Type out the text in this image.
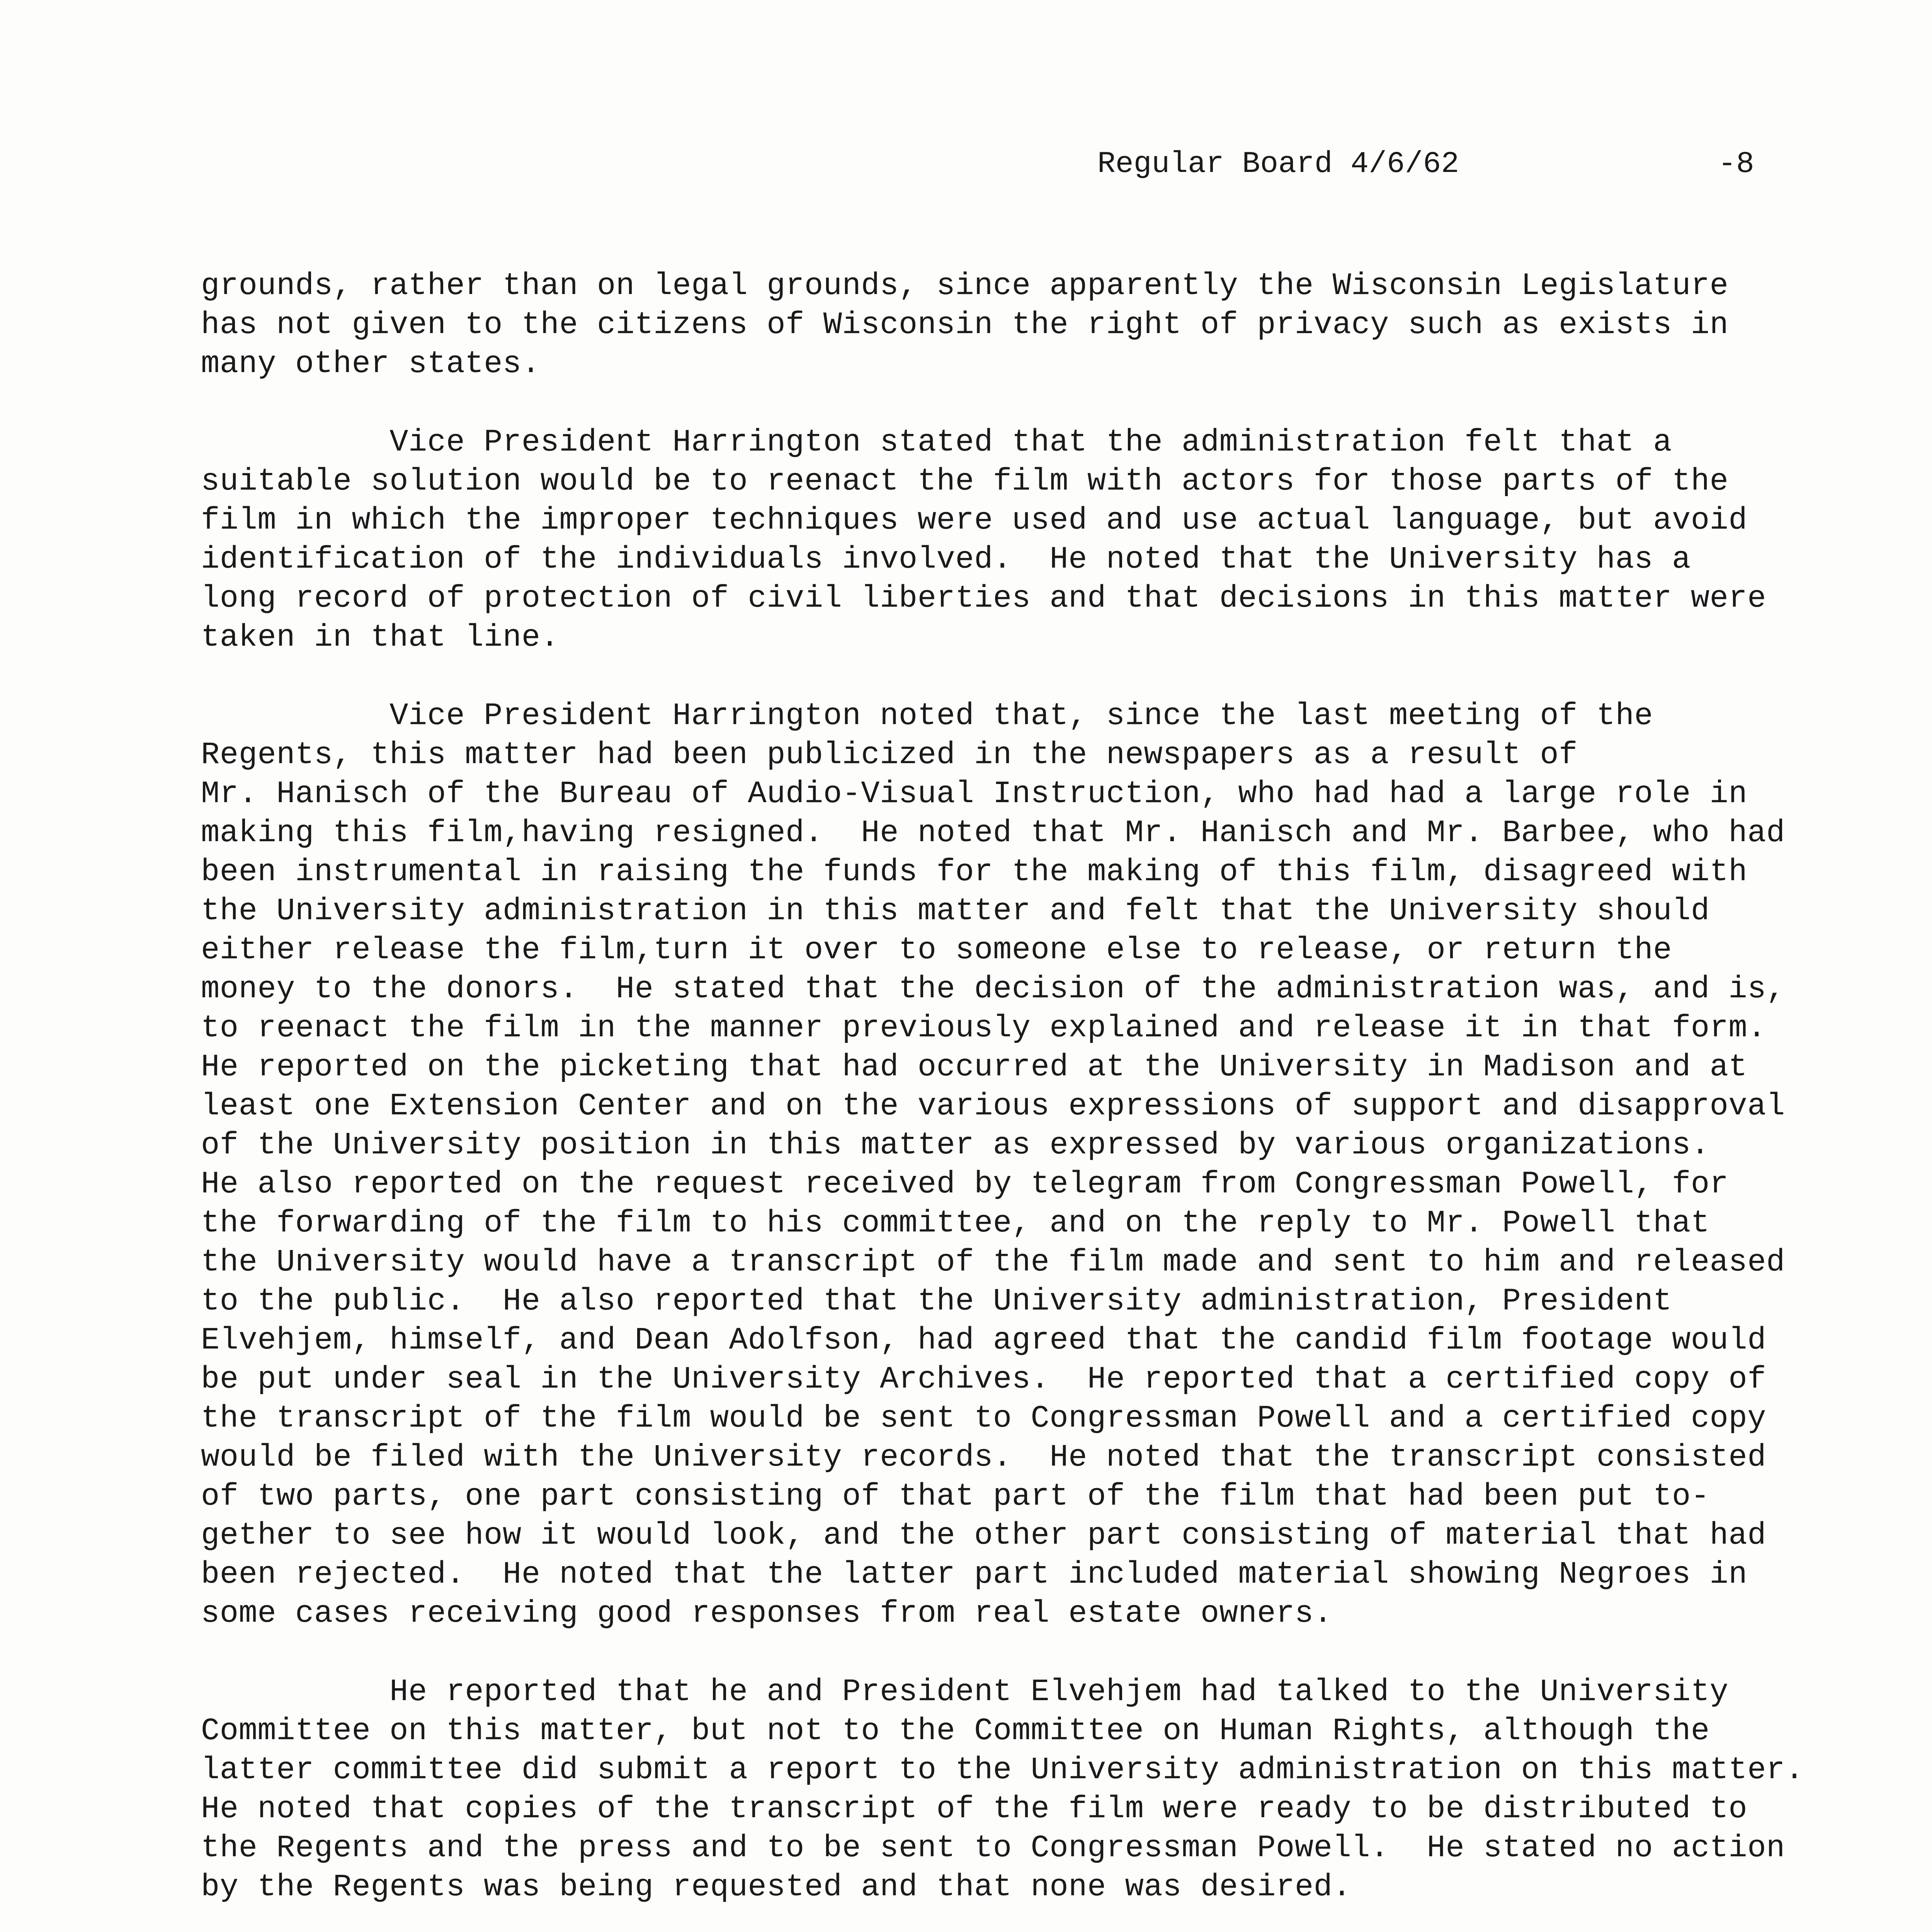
Regular Board 4/6/62	-8
grounds, rather than on legal grounds, since apparently the Wisconsin Legislature
has not given to the citizens of Wisconsin the right of privacy such as exists in
many other states.
Vice President Harrington stated that the administration felt that a
suitable solution would be to reenact the film with actors for those parts of the
film in which the improper techniques were used and use actual language, but avoid
identification of the individuals involved.  He noted that the University has a
long record of protection of civil liberties and that decisions in this matter were
taken in that line.
Vice President Harrington noted that, since the last meeting of the
Regents, this matter had been publicized in the newspapers as a result of
Mr. Hanisch of the Bureau of Audio-Visual Instruction, who had had a large role in
making this film,having resigned.  He noted that Mr. Hanisch and Mr. Barbee, who had
been instrumental in raising the funds for the making of this film, disagreed with
the University administration in this matter and felt that the University should
either release the film,turn it over to someone else to release, or return the
money to the donors.  He stated that the decision of the administration was, and is,
to reenact the film in the manner previously explained and release it in that form.
He reported on the picketing that had occurred at the University in Madison and at
least one Extension Center and on the various expressions of support and disapproval
of the University position in this matter as expressed by various organizations.
He also reported on the request received by telegram from Congressman Powell, for
the forwarding of the film to his committee, and on the reply to Mr. Powell that
the University would have a transcript of the film made and sent to him and released
to the public.  He also reported that the University administration, President
Elvehjem, himself, and Dean Adolfson, had agreed that the candid film footage would
be put under seal in the University Archives.  He reported that a certified copy of
the transcript of the film would be sent to Congressman Powell and a certified copy
would be filed with the University records.  He noted that the transcript consisted
of two parts, one part consisting of that part of the film that had been put to-
gether to see how it would look, and the other part consisting of material that had
been rejected.  He noted that the latter part included material showing Negroes in
some cases receiving good responses from real estate owners.
He reported that he and President Elvehjem had talked to the University
Committee on this matter, but not to the Committee on Human Rights, although the
latter committee did submit a report to the University administration on this matter.
He noted that copies of the transcript of the film were ready to be distributed to
the Regents and the press and to be sent to Congressman Powell.  He stated no action
by the Regents was being requested and that none was desired.
